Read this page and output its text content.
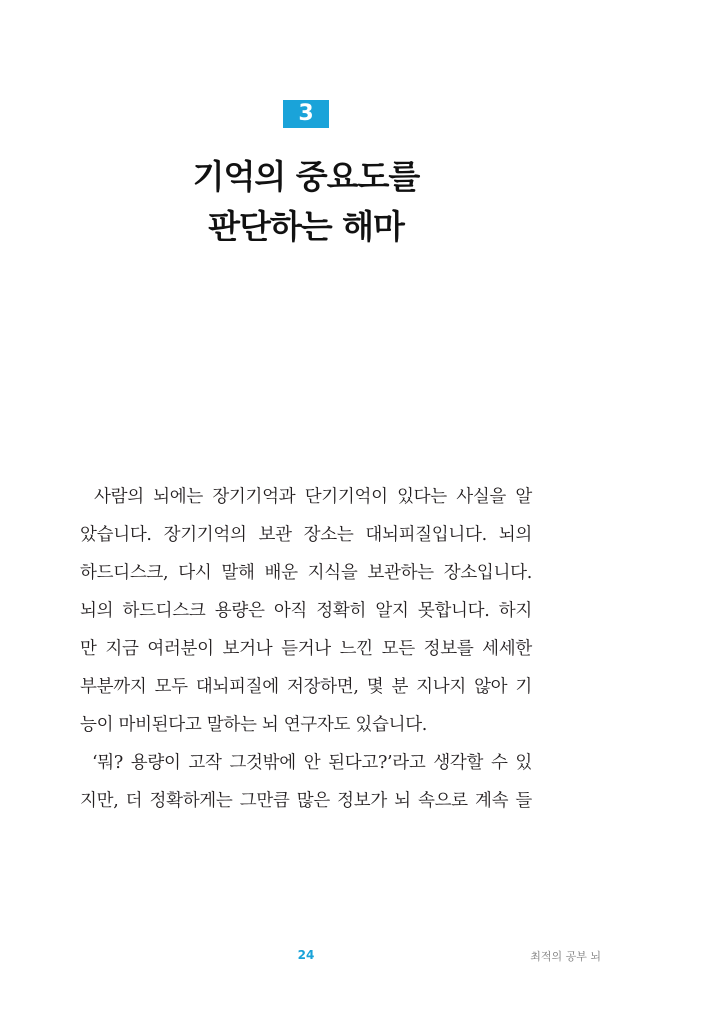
3
기억의 중요도를
판단하는 해마
사람의 뇌에는 장기기억과 단기기억이 있다는 사실을 알
았습니다. 장기기억의 보관 장소는 대뇌피질입니다. 뇌의
하드디스크, 다시 말해 배운 지식을 보관하는 장소입니다.
뇌의 하드디스크 용량은 아직 정확히 알지 못합니다. 하지
만 지금 여러분이 보거나 듣거나 느낀 모든 정보를 세세한
부분까지 모두 대뇌피질에 저장하면, 몇 분 지나지 않아 기
능이 마비된다고 말하는 뇌 연구자도 있습니다.
‘뭐? 용량이 고작 그것밖에 안 된다고?’라고 생각할 수 있
지만, 더 정확하게는 그만큼 많은 정보가 뇌 속으로 계속 들
24	최적의 공부 뇌
